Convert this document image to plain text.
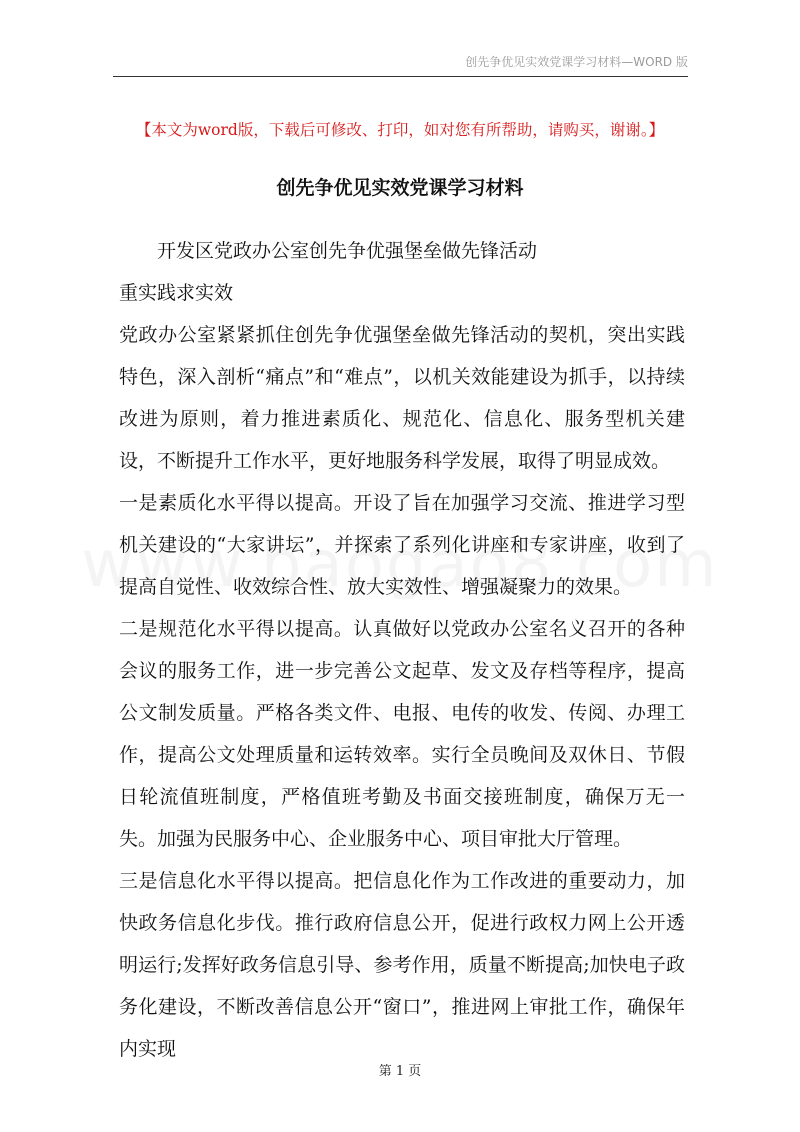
创先争优见实效党课学习材料—WORD 版
【本文为word版，下载后可修改、打印，如对您有所帮助，请购买，谢谢。】
创先争优见实效党课学习材料

开发区党政办公室创先争优强堡垒做先锋活动

重实践求实效

党政办公室紧紧抓住创先争优强堡垒做先锋活动的契机，突出实践特色，深入剖析“痛点”和“难点”，以机关效能建设为抓手，以持续改进为原则，着力推进素质化、规范化、信息化、服务型机关建设，不断提升工作水平，更好地服务科学发展，取得了明显成效。

一是素质化水平得以提高。开设了旨在加强学习交流、推进学习型机关建设的“大家讲坛”，并探索了系列化讲座和专家讲座，收到了提高自觉性、收效综合性、放大实效性、增强凝聚力的效果。

二是规范化水平得以提高。认真做好以党政办公室名义召开的各种会议的服务工作，进一步完善公文起草、发文及存档等程序，提高公文制发质量。严格各类文件、电报、电传的收发、传阅、办理工作，提高公文处理质量和运转效率。实行全员晚间及双休日、节假日轮流值班制度，严格值班考勤及书面交接班制度，确保万无一失。加强为民服务中心、企业服务中心、项目审批大厅管理。

三是信息化水平得以提高。把信息化作为工作改进的重要动力，加快政务信息化步伐。推行政府信息公开，促进行政权力网上公开透明运行;发挥好政务信息引导、参考作用，质量不断提高;加快电子政务化建设，不断改善信息公开“窗口”，推进网上审批工作，确保年内实现

第 1 页
